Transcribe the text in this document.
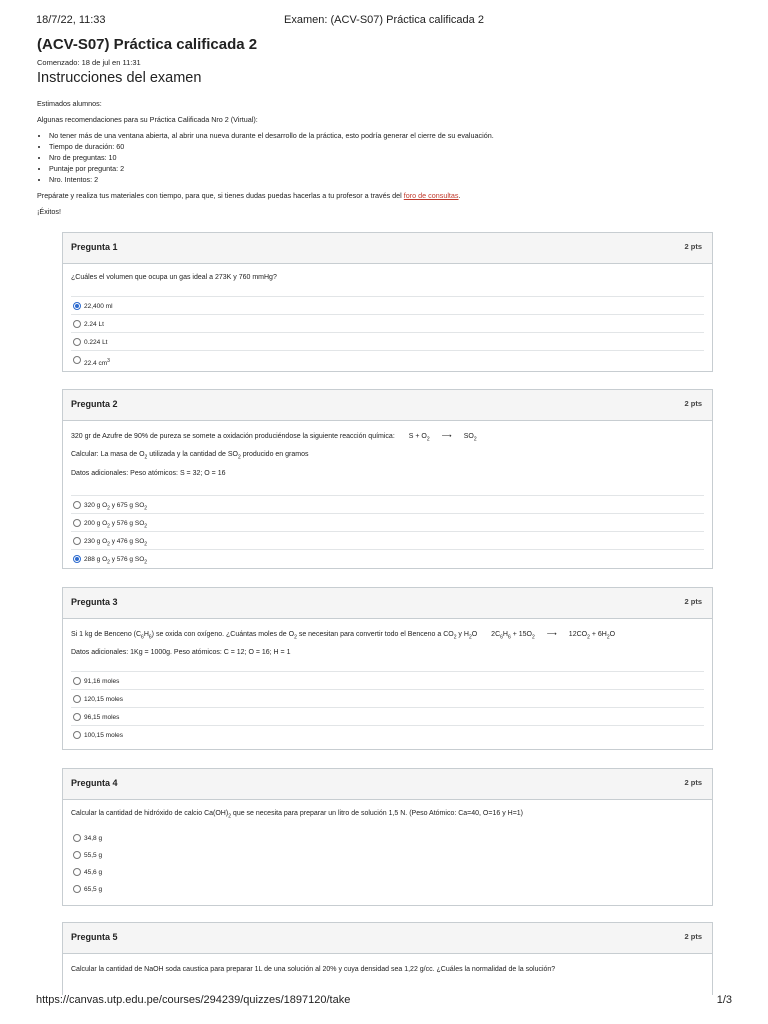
18/7/22, 11:33	Examen: (ACV-S07) Práctica calificada 2
(ACV-S07) Práctica calificada 2
Comenzado: 18 de jul en 11:31
Instrucciones del examen

Estimados alumnos:

Algunas recomendaciones para su Práctica Calificada Nro 2 (Virtual):

• No tener más de una ventana abierta, al abrir una nueva durante el desarrollo de la práctica, esto podría generar el cierre de su evaluación.
• Tiempo de duración: 60
• Nro de preguntas: 10
• Puntaje por pregunta: 2
• Nro. Intentos: 2

Prepárate y realiza tus materiales con tiempo, para que, si tienes dudas puedas hacerlas a tu profesor a través del foro de consultas.

¡Éxitos!

Pregunta 1	2 pts

¿Cuáles el volumen que ocupa un gas ideal a 273K y 760 mmHg?

22,400 ml
2.24 Lt
0.224 Lt
22.4 $cm^3$
Pregunta 2	2 pts

320 gr de Azufre de 90% de pureza se somete a oxidación produciéndose la siguiente reacción química: $S + O_2$ ⟶ $SO_2$

Calcular: La masa de $O_2$ utilizada y la cantidad de $SO_2$ producido en gramos

Datos adicionales: Peso atómicos: S = 32; O = 16

320 g $O_2$ y 675 g $SO_2$
200 g $O_2$ y 576 g $SO_2$
230 g $O_2$ y 476 g $SO_2$
288 g $O_2$ y 576 g $SO_2$
Pregunta 3	2 pts

Si 1 kg de Benceno $(C_6H_6)$ se oxida con oxígeno. ¿Cuántas moles de $O_2$ se necesitan para convertir todo el Benceno a $CO_2$ y $H_2O$ $2C_6H_6 + 15O_2$ ⟶ $12CO_2 + 6H_2O$

Datos adicionales: 1Kg = 1000g. Peso atómicos: C = 12; O = 16; H = 1

91,16 moles
120,15 moles
96,15 moles
100,15 moles
Pregunta 4	2 pts

Calcular la cantidad de hidróxido de calcio $Ca(OH)_2$ que se necesita para preparar un litro de solución 1,5 N. (Peso Atómico: Ca=40, O=16 y H=1)

34,8 g
55,5 g
45,6 g
65,5 g
Pregunta 5	2 pts

Calcular la cantidad de NaOH soda caustica para preparar 1L de una solución al 20% y cuya densidad sea 1,22 g/cc. ¿Cuáles la normalidad de la solución?

https://canvas.utp.edu.pe/courses/294239/quizzes/1897120/take	1/3
